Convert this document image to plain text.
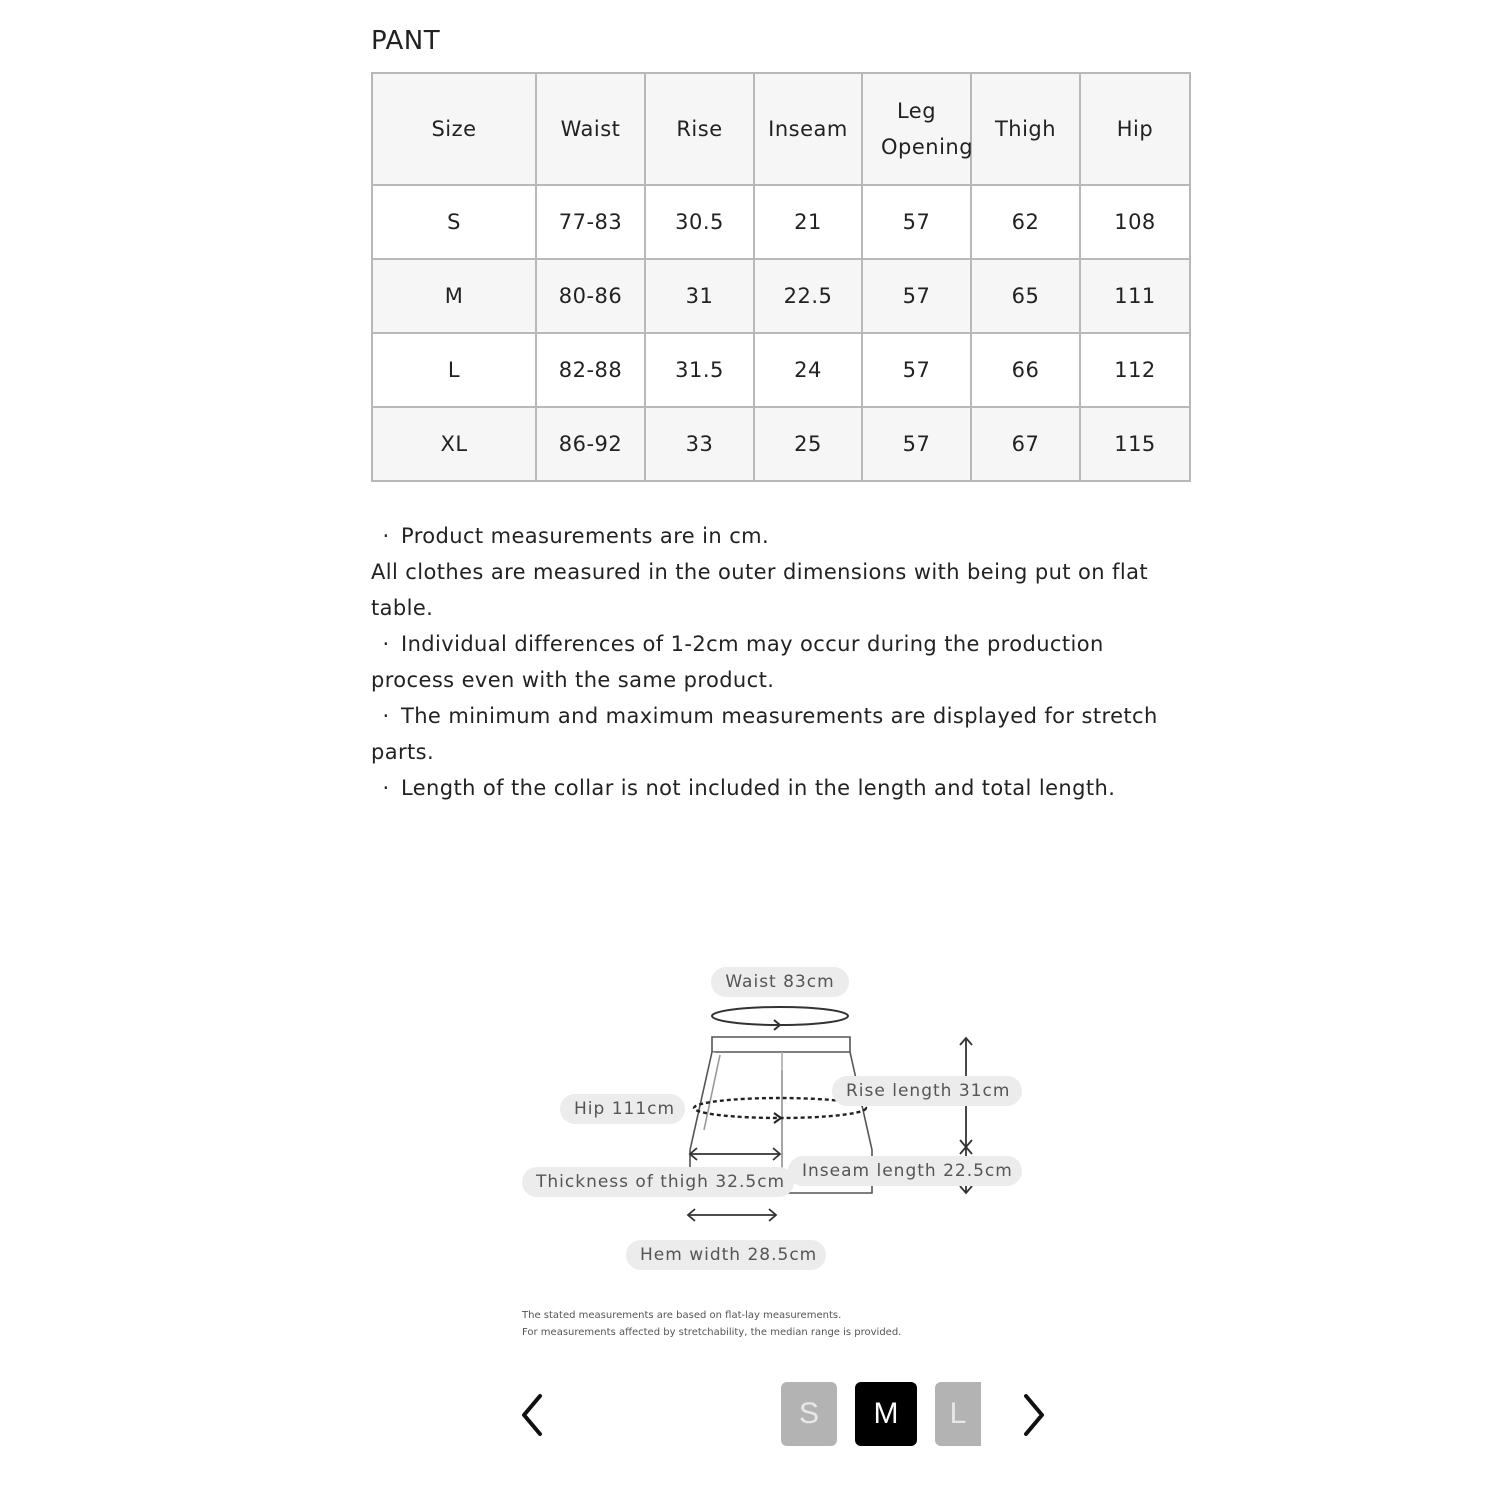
PANT
Size	Waist	Rise	Inseam	Leg Opening	Thigh	Hip
S	77-83	30.5	21	57	62	108
M	80-86	31	22.5	57	65	111
L	82-88	31.5	24	57	66	112
XL	86-92	33	25	57	67	115

· Product measurements are in cm.

All clothes are measured in the outer dimensions with being put on flat table.

· Individual differences of 1-2cm may occur during the production process even with the same product.

· The minimum and maximum measurements are displayed for stretch parts.

· Length of the collar is not included in the length and total length.

Waist 83cm
Rise length 31cm
Hip 111cm
Inseam length 22.5cm
Thickness of thigh 32.5cm
Hem width 28.5cm
The stated measurements are based on flat-lay measurements.
For measurements affected by stretchability, the median range is provided.
S	M	L
